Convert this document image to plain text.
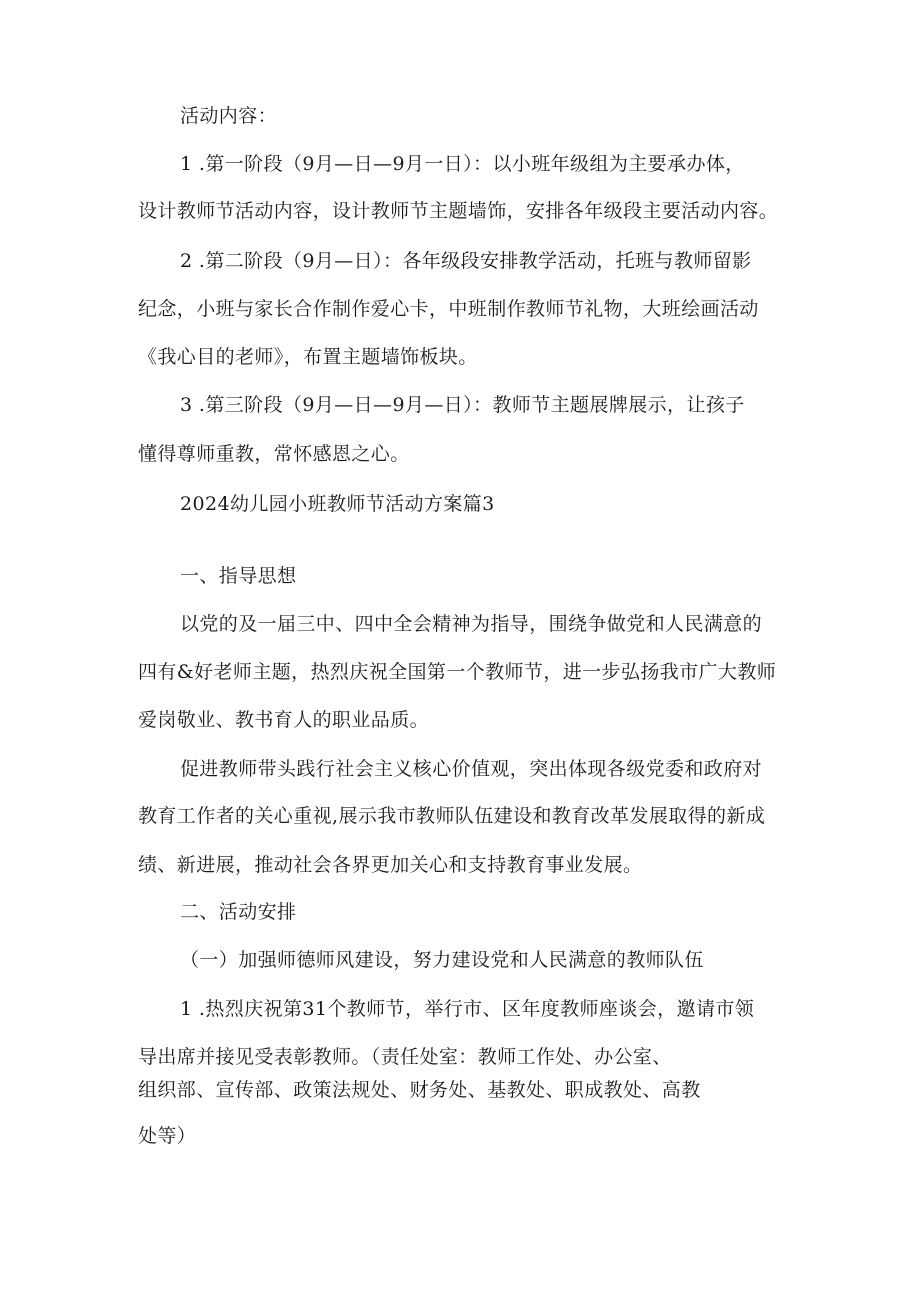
活动内容：
1 .第一阶段（9月—日—9月一日）：以小班年级组为主要承办体，
设计教师节活动内容，设计教师节主题墙饰，安排各年级段主要活动内容。
2 .第二阶段（9月—日）：各年级段安排教学活动，托班与教师留影
纪念，小班与家长合作制作爱心卡，中班制作教师节礼物，大班绘画活动
《我心目的老师》，布置主题墙饰板块。
3 .第三阶段（9月—日—9月—日）：教师节主题展牌展示，让孩子
懂得尊师重教，常怀感恩之心。
2024幼儿园小班教师节活动方案篇3
一、指导思想
以党的及一届三中、四中全会精神为指导，围绕争做党和人民满意的
四有&好老师主题，热烈庆祝全国第一个教师节，进一步弘扬我市广大教师
爱岗敬业、教书育人的职业品质。
促进教师带头践行社会主义核心价值观，突出体现各级党委和政府对
教育工作者的关心重视,展示我市教师队伍建设和教育改革发展取得的新成
绩、新进展，推动社会各界更加关心和支持教育事业发展。
二、活动安排
（一）加强师德师风建设，努力建设党和人民满意的教师队伍
1 .热烈庆祝第31个教师节，举行市、区年度教师座谈会，邀请市领
导出席并接见受表彰教师。（责任处室：教师工作处、办公室、
组织部、宣传部、政策法规处、财务处、基教处、职成教处、高教
处等）
